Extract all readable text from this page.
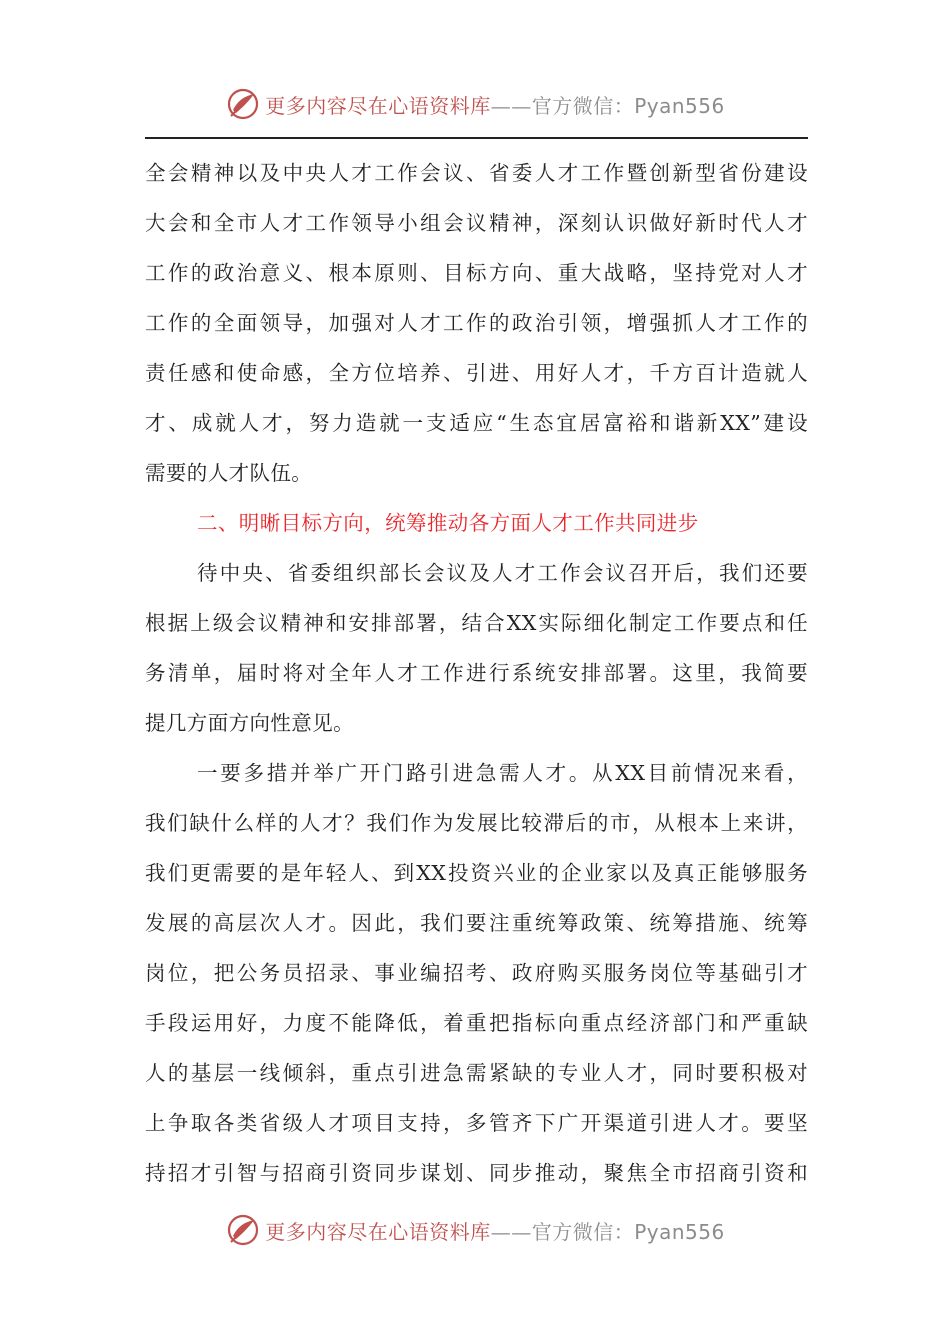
更多内容尽在心语资料库——官方微信：Pyan556
全会精神以及中央人才工作会议、省委人才工作暨创新型省份建设
大会和全市人才工作领导小组会议精神，深刻认识做好新时代人才
工作的政治意义、根本原则、目标方向、重大战略，坚持党对人才
工作的全面领导，加强对人才工作的政治引领，增强抓人才工作的
责任感和使命感，全方位培养、引进、用好人才，千方百计造就人
才、成就人才，努力造就一支适应“生态宜居富裕和谐新XX”建设
需要的人才队伍。
二、明晰目标方向，统筹推动各方面人才工作共同进步
待中央、省委组织部长会议及人才工作会议召开后，我们还要
根据上级会议精神和安排部署，结合XX实际细化制定工作要点和任
务清单，届时将对全年人才工作进行系统安排部署。这里，我简要
提几方面方向性意见。
一要多措并举广开门路引进急需人才。从XX目前情况来看，
我们缺什么样的人才？我们作为发展比较滞后的市，从根本上来讲，
我们更需要的是年轻人、到XX投资兴业的企业家以及真正能够服务
发展的高层次人才。因此，我们要注重统筹政策、统筹措施、统筹
岗位，把公务员招录、事业编招考、政府购买服务岗位等基础引才
手段运用好，力度不能降低，着重把指标向重点经济部门和严重缺
人的基层一线倾斜，重点引进急需紧缺的专业人才，同时要积极对
上争取各类省级人才项目支持，多管齐下广开渠道引进人才。要坚
持招才引智与招商引资同步谋划、同步推动，聚焦全市招商引资和
更多内容尽在心语资料库——官方微信：Pyan556
